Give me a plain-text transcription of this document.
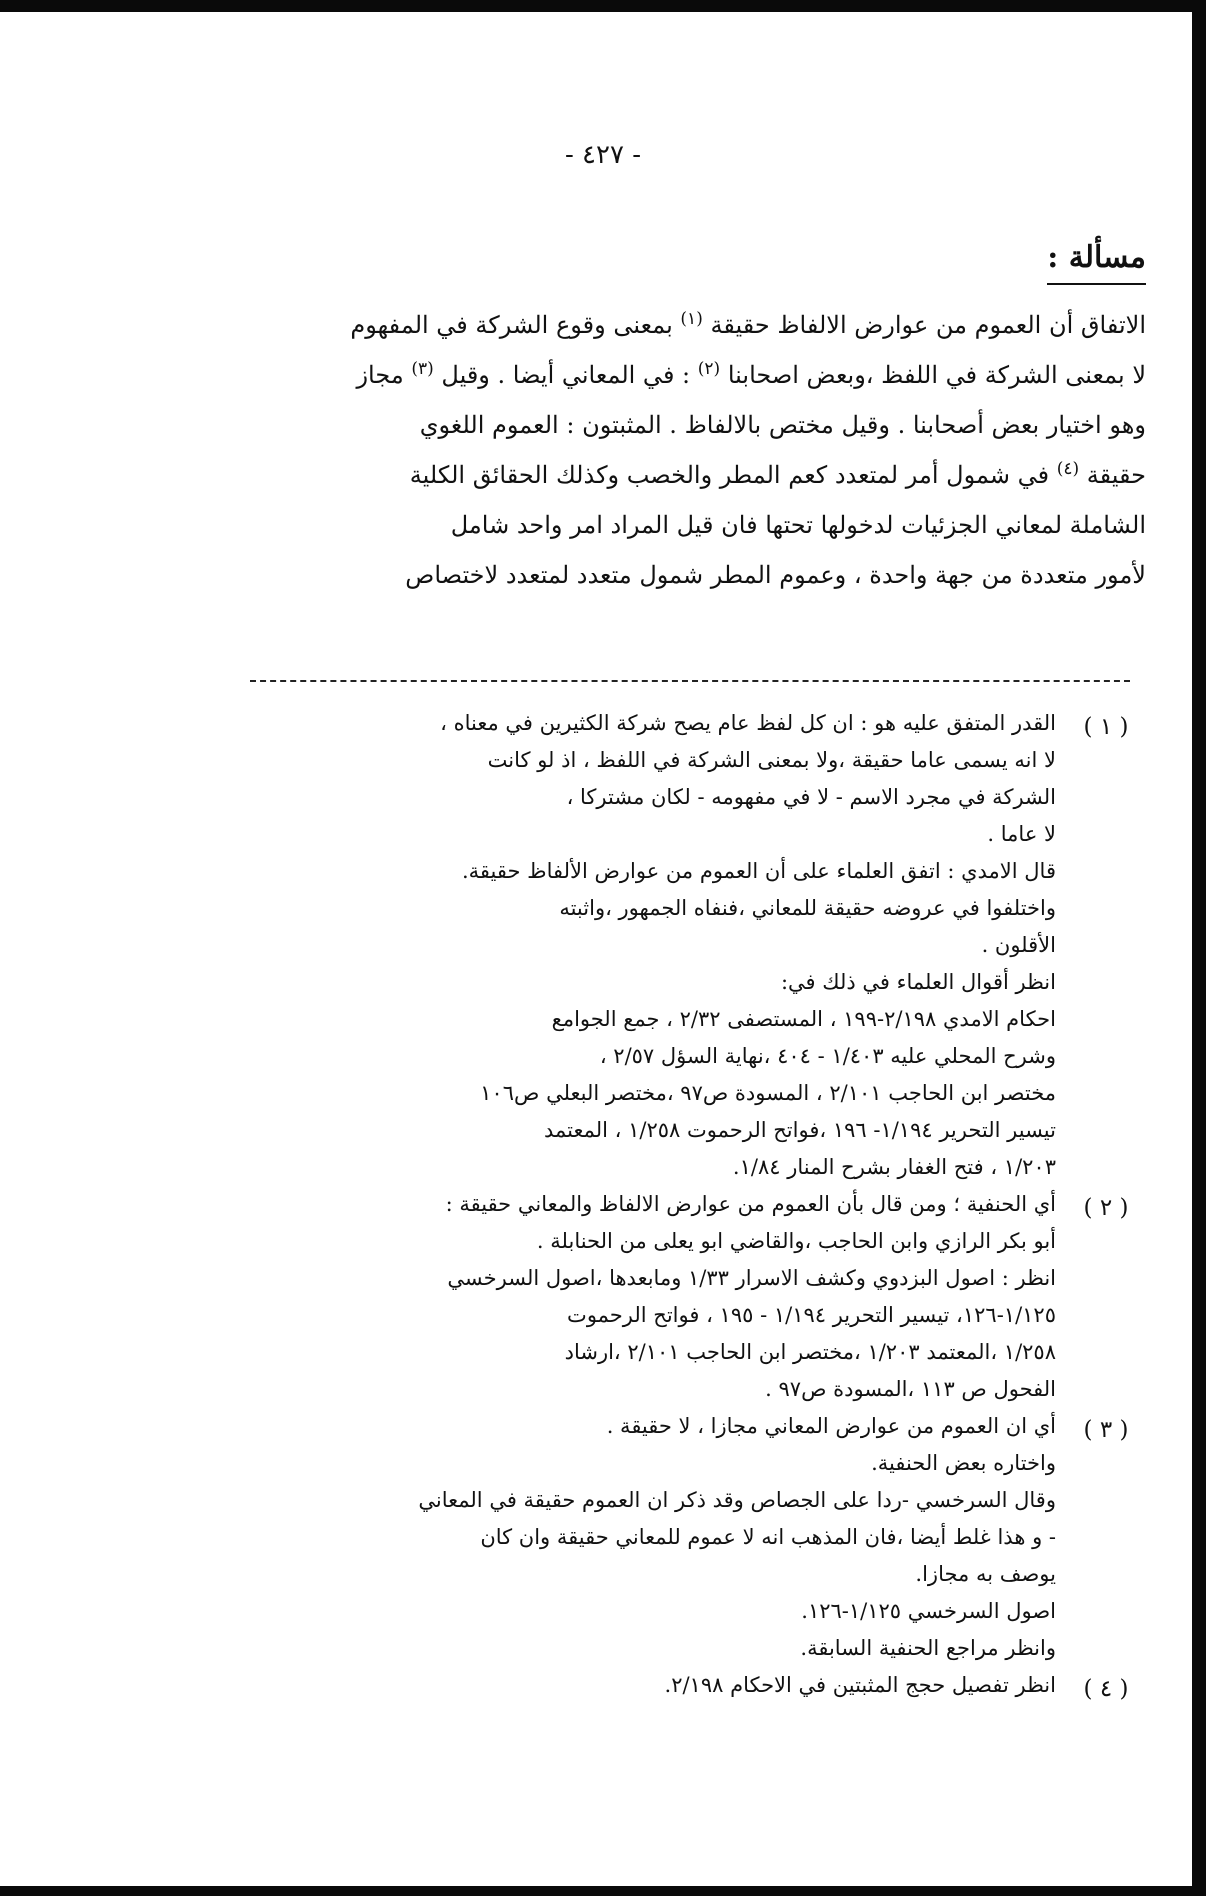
- ٤٢٧ -
مسألة :
الاتفاق أن العموم من عوارض الالفاظ حقيقة $^{(١)}$ بمعنى وقوع الشركة في المفهوم
لا بمعنى الشركة في اللفظ ،وبعض اصحابنا $^{(٢)}$ : في المعاني أيضا . وقيل $^{(٣)}$ مجاز
وهو اختيار بعض أصحابنا . وقيل مختص بالالفاظ . المثبتون : العموم اللغوي
حقيقة $^{(٤)}$ في شمول أمر لمتعدد كعم المطر والخصب وكذلك الحقائق الكلية
الشاملة لمعاني الجزئيات لدخولها تحتها فان قيل المراد امر واحد شامل
لأمور متعددة من جهة واحدة ، وعموم المطر شمول متعدد لمتعدد لاختصاص
( ١ )
القدر المتفق عليه هو : ان كل لفظ عام يصح شركة الكثيرين في معناه ،
لا انه يسمى عاما حقيقة ،ولا بمعنى الشركة في اللفظ ، اذ لو كانت
الشركة في مجرد الاسم - لا في مفهومه - لكان مشتركا ،
لا عاما .
قال الامدي : اتفق العلماء على أن العموم من عوارض الألفاظ حقيقة.
واختلفوا في عروضه حقيقة للمعاني ،فنفاه الجمهور ،واثبته
الأقلون .
انظر أقوال العلماء في ذلك في:
احكام الامدي ٢/١٩٨-١٩٩ ، المستصفى ٢/٣٢ ، جمع الجوامع
وشرح المحلي عليه ١/٤٠٣ - ٤٠٤ ،نهاية السؤل ٢/٥٧ ،
مختصر ابن الحاجب ٢/١٠١ ، المسودة ص٩٧ ،مختصر البعلي ص١٠٦
تيسير التحرير ١/١٩٤- ١٩٦ ،فواتح الرحموت ١/٢٥٨ ، المعتمد
١/٢٠٣ ، فتح الغفار بشرح المنار ١/٨٤.
( ٢ )
أي الحنفية ؛ ومن قال بأن العموم من عوارض الالفاظ والمعاني حقيقة :
أبو بكر الرازي وابن الحاجب ،والقاضي ابو يعلى من الحنابلة .
انظر : اصول البزدوي وكشف الاسرار ١/٣٣ ومابعدها ،اصول السرخسي
١/١٢٥-١٢٦، تيسير التحرير ١/١٩٤ - ١٩٥ ، فواتح الرحموت
١/٢٥٨ ،المعتمد ١/٢٠٣ ،مختصر ابن الحاجب ٢/١٠١ ،ارشاد
الفحول ص ١١٣ ،المسودة ص٩٧ .
( ٣ )
أي ان العموم من عوارض المعاني مجازا ، لا حقيقة .
واختاره بعض الحنفية.
وقال السرخسي -ردا على الجصاص وقد ذكر ان العموم حقيقة في المعاني
- و هذا غلط أيضا ،فان المذهب انه لا عموم للمعاني حقيقة وان كان
يوصف به مجازا.
اصول السرخسي ١/١٢٥-١٢٦.
وانظر مراجع الحنفية السابقة.
( ٤ )
انظر تفصيل حجج المثبتين في الاحكام ٢/١٩٨.
